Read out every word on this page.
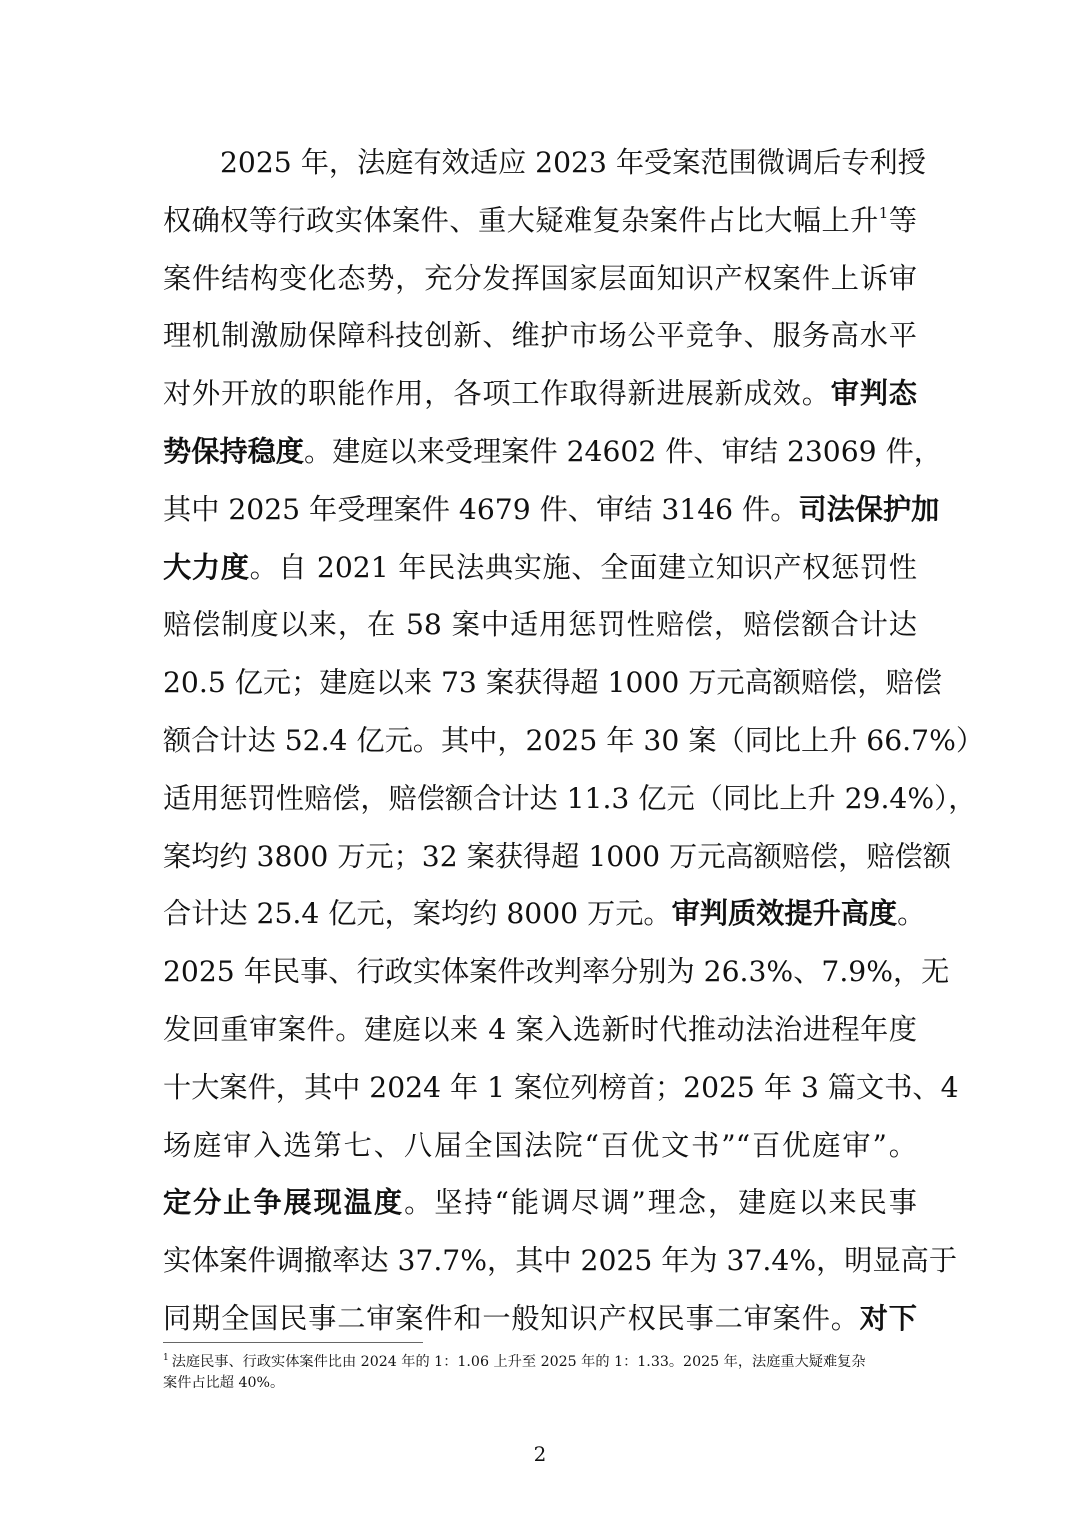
2025 年，法庭有效适应 2023 年受案范围微调后专利授
权确权等行政实体案件、重大疑难复杂案件占比大幅上升$^1$等
案件结构变化态势，充分发挥国家层面知识产权案件上诉审
理机制激励保障科技创新、维护市场公平竞争、服务高水平
对外开放的职能作用，各项工作取得新进展新成效。审判态
势保持稳度。建庭以来受理案件 24602 件、审结 23069 件，
其中 2025 年受理案件 4679 件、审结 3146 件。司法保护加
大力度。自 2021 年民法典实施、全面建立知识产权惩罚性
赔偿制度以来，在 58 案中适用惩罚性赔偿，赔偿额合计达
20.5 亿元；建庭以来 73 案获得超 1000 万元高额赔偿，赔偿
额合计达 52.4 亿元。其中，2025 年 30 案（同比上升 66.7%）
适用惩罚性赔偿，赔偿额合计达 11.3 亿元（同比上升 29.4%），
案均约 3800 万元；32 案获得超 1000 万元高额赔偿，赔偿额
合计达 25.4 亿元，案均约 8000 万元。审判质效提升高度。
2025 年民事、行政实体案件改判率分别为 26.3%、7.9%，无
发回重审案件。建庭以来 4 案入选新时代推动法治进程年度
十大案件，其中 2024 年 1 案位列榜首；2025 年 3 篇文书、4
场庭审入选第七、八届全国法院“百优文书”“百优庭审”。
定分止争展现温度。坚持“能调尽调”理念，建庭以来民事
实体案件调撤率达 37.7%，其中 2025 年为 37.4%，明显高于
同期全国民事二审案件和一般知识产权民事二审案件。对下
$^1$ 法庭民事、行政实体案件比由 2024 年的 1：1.06 上升至 2025 年的 1：1.33。2025 年，法庭重大疑难复杂
案件占比超 40%。
2
